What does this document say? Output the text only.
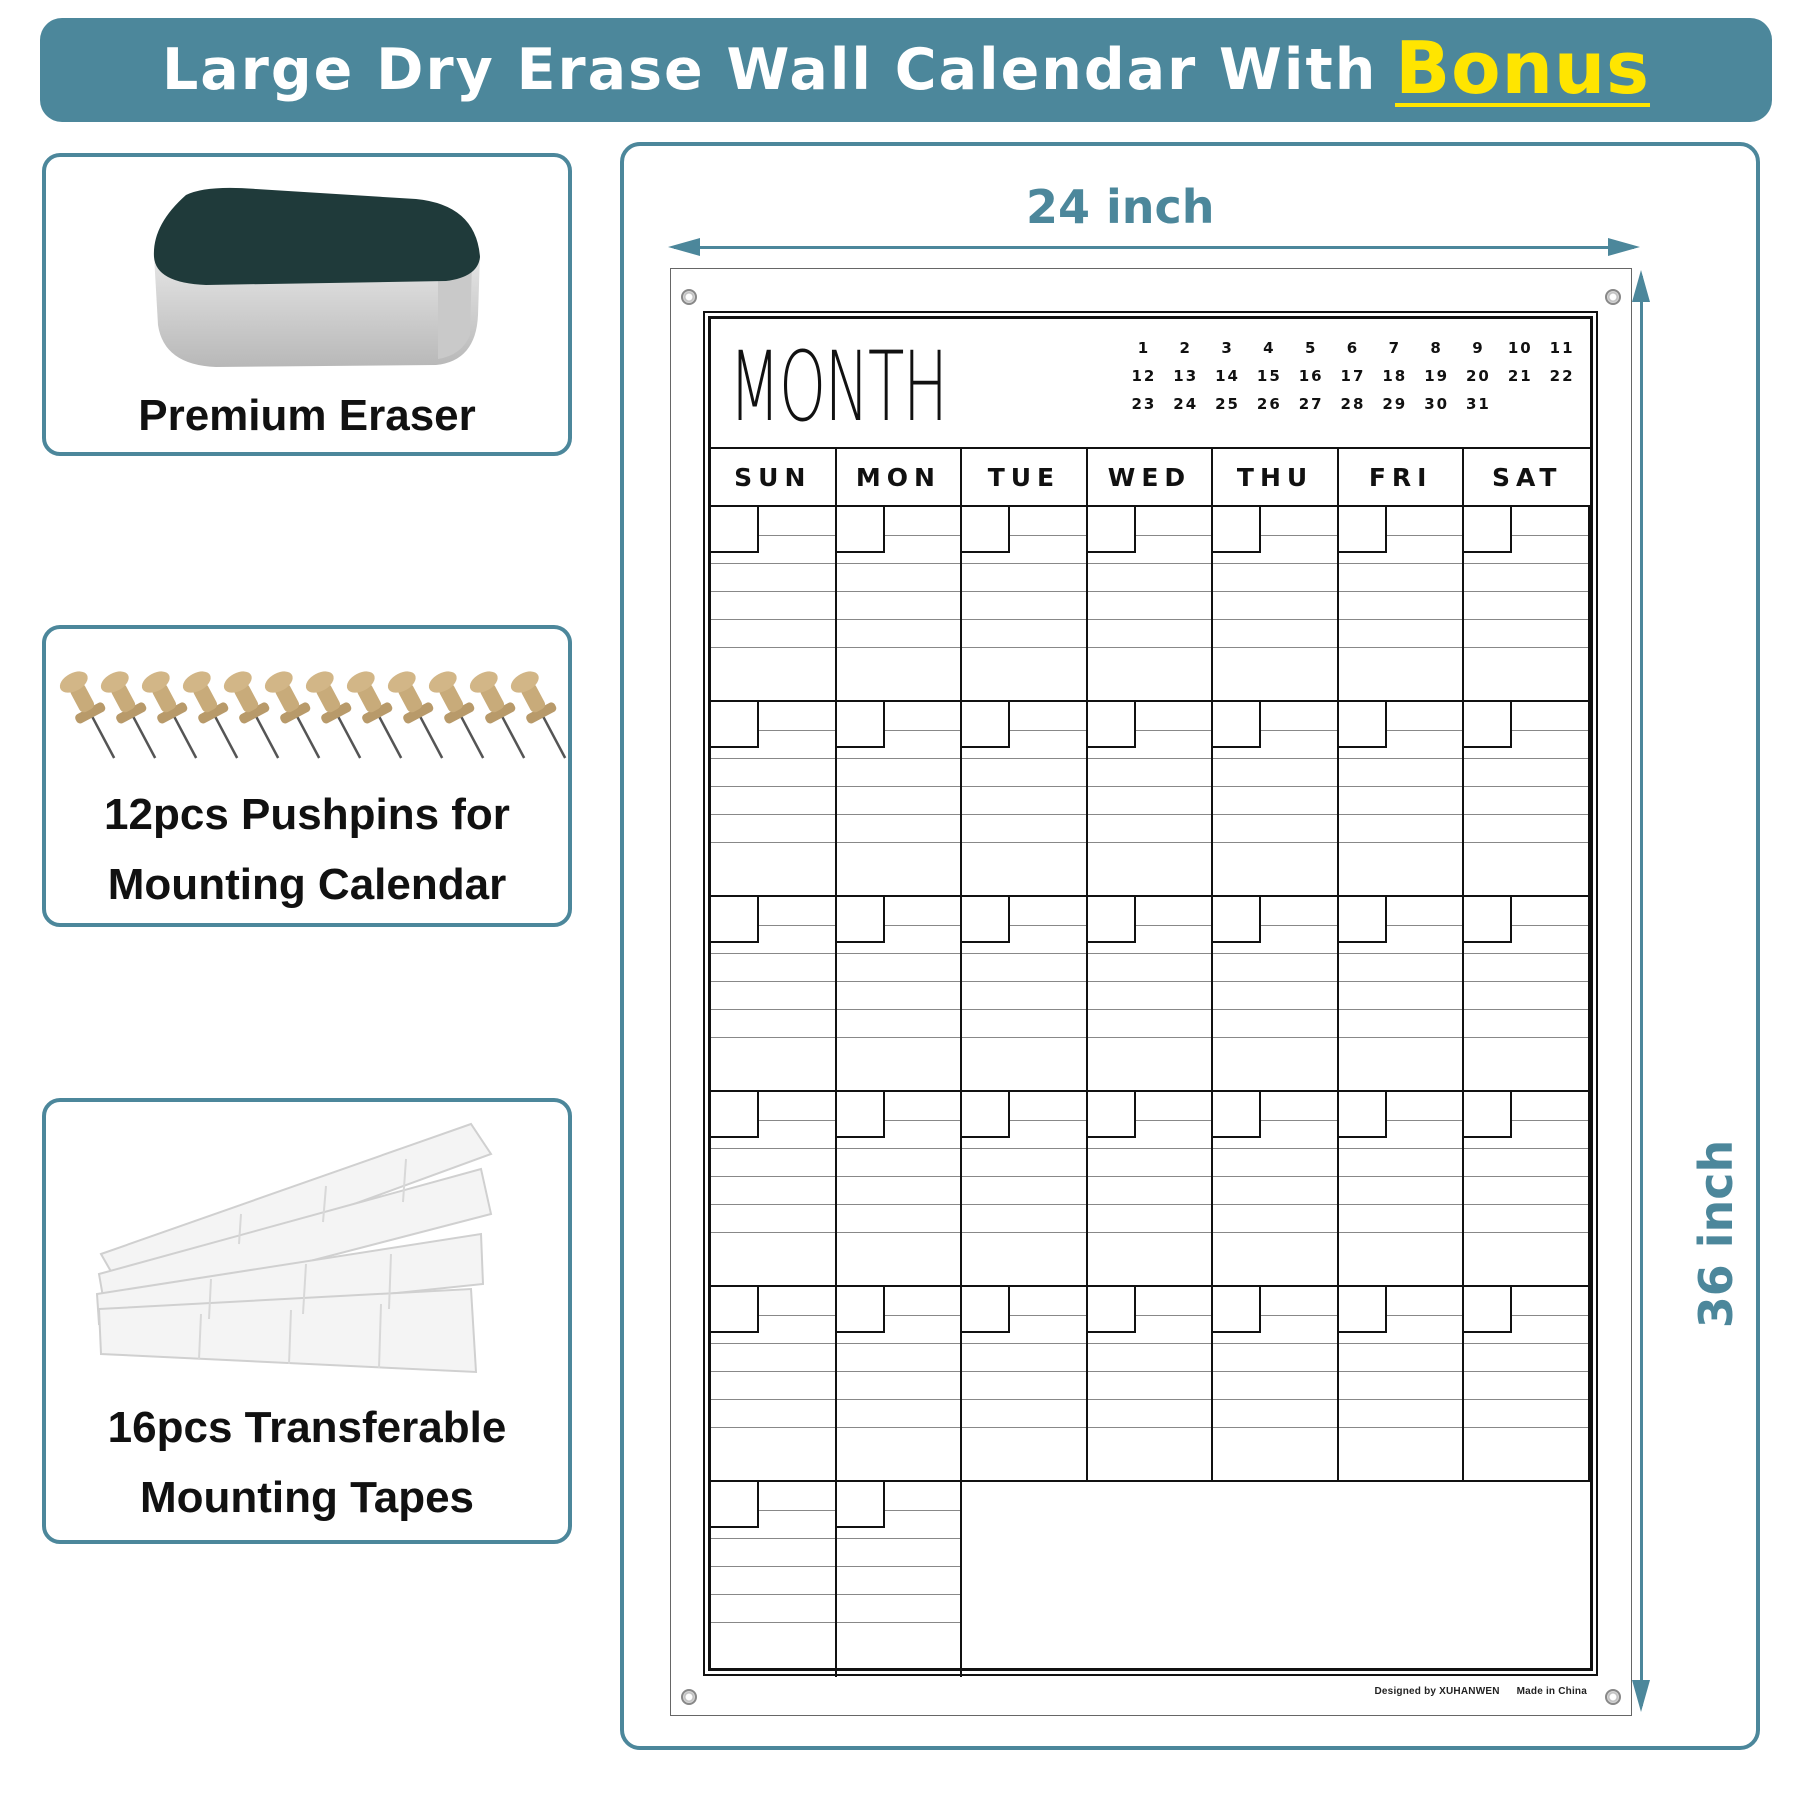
Large Dry Erase Wall Calendar With Bonus
Premium Eraser
12pcs Pushpins for
Mounting Calendar
16pcs Transferable
Mounting Tapes
24 inch
36 inch
MONTH	1	2	3	4	5	6	7	8	9	10	11
12	13	14	15	16	17	18	19	20	21	22
23	24	25	26	27	28	29	30	31
SUN	MON	TUE	WED	THU	FRI	SAT
Designed by XUHANWEN Made in China
